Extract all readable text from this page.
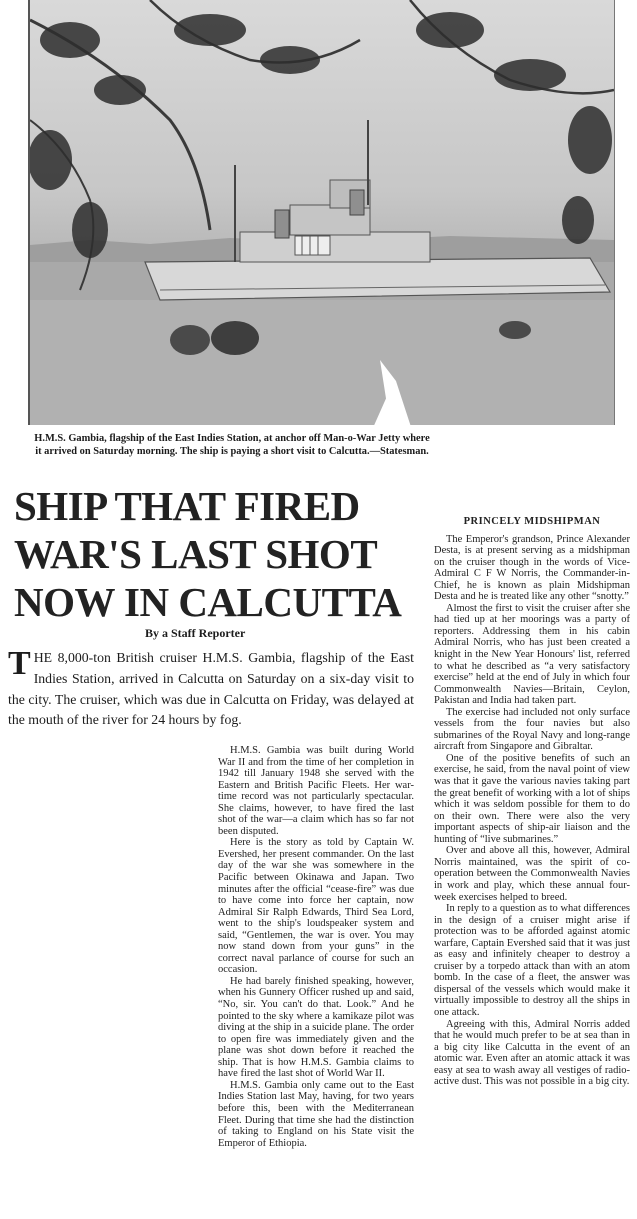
H.M.S. Gambia, flagship of the East Indies Station, at anchor off Man-o-War Jetty where it arrived on Saturday morning. The ship is paying a short visit to Calcutta.—Statesman.
SHIP THAT FIRED
WAR'S LAST SHOT
NOW IN CALCUTTA
By a Staff Reporter
THE 8,000-ton British cruiser H.M.S. Gambia, flagship of the East Indies Station, arrived in Calcutta on Saturday on a six-day visit to the city. The cruiser, which was due in Calcutta on Friday, was delayed at the mouth of the river for 24 hours by fog.

H.M.S. Gambia was built during World War II and from the time of her completion in 1942 till January 1948 she served with the Eastern and British Pacific Fleets. Her war-time record was not particularly spectacular. She claims, however, to have fired the last shot of the war—a claim which has so far not been disputed.

Here is the story as told by Captain W. Evershed, her present commander. On the last day of the war she was somewhere in the Pacific between Okinawa and Japan. Two minutes after the official “cease-fire” was due to have come into force her captain, now Admiral Sir Ralph Edwards, Third Sea Lord, went to the ship's loudspeaker system and said, “Gentlemen, the war is over. You may now stand down from your guns” in the correct naval parlance of course for such an occasion.

He had barely finished speaking, however, when his Gunnery Officer rushed up and said, “No, sir. You can't do that. Look.” And he pointed to the sky where a kamikaze pilot was diving at the ship in a suicide plane. The order to open fire was immediately given and the plane was shot down before it reached the ship. That is how H.M.S. Gambia claims to have fired the last shot of World War II.

H.M.S. Gambia only came out to the East Indies Station last May, having, for two years before this, been with the Mediterranean Fleet. During that time she had the distinction of taking to England on his State visit the Emperor of Ethiopia.

PRINCELY MIDSHIPMAN

The Emperor's grandson, Prince Alexander Desta, is at present serving as a midshipman on the cruiser though in the words of Vice-Admiral C F W Norris, the Commander-in-Chief, he is known as plain Midshipman Desta and he is treated like any other “snotty.”

Almost the first to visit the cruiser after she had tied up at her moorings was a party of reporters. Addressing them in his cabin Admiral Norris, who has just been created a knight in the New Year Honours' list, referred to what he described as “a very satisfactory exercise” held at the end of July in which four Commonwealth Navies—Britain, Ceylon, Pakistan and India had taken part.

The exercise had included not only surface vessels from the four navies but also submarines of the Royal Navy and long-range aircraft from Singapore and Gibraltar.

One of the positive benefits of such an exercise, he said, from the naval point of view was that it gave the various navies taking part the great benefit of working with a lot of ships which it was seldom possible for them to do on their own. There were also the very important aspects of ship-air liaison and the hunting of “live submarines.”

Over and above all this, however, Admiral Norris maintained, was the spirit of co-operation between the Commonwealth Navies in work and play, which these annual four-week exercises helped to breed.

In reply to a question as to what differences in the design of a cruiser might arise if protection was to be afforded against atomic warfare, Captain Evershed said that it was just as easy and infinitely cheaper to destroy a cruiser by a torpedo attack than with an atom bomb. In the case of a fleet, the answer was dispersal of the vessels which would make it virtually impossible to destroy all the ships in one attack.

Agreeing with this, Admiral Norris added that he would much prefer to be at sea than in a big city like Calcutta in the event of an atomic war. Even after an atomic attack it was easy at sea to wash away all vestiges of radio-active dust. This was not possible in a big city.
